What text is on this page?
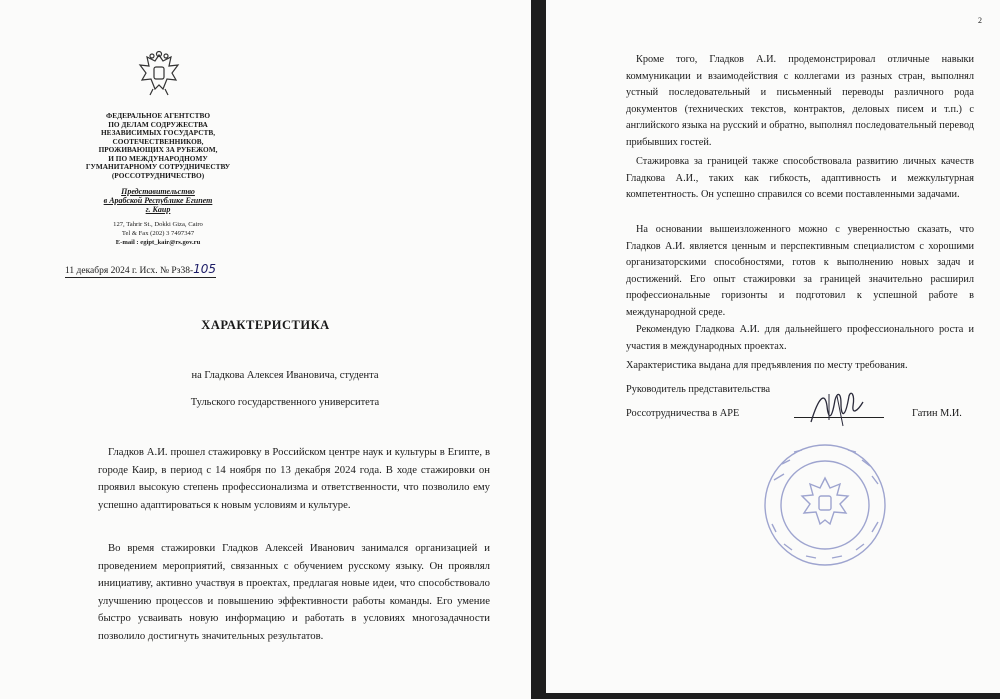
ФЕДЕРАЛЬНОЕ АГЕНТСТВО
ПО ДЕЛАМ СОДРУЖЕСТВА
НЕЗАВИСИМЫХ ГОСУДАРСТВ,
СООТЕЧЕСТВЕННИКОВ,
ПРОЖИВАЮЩИХ ЗА РУБЕЖОМ,
И ПО МЕЖДУНАРОДНОМУ
ГУМАНИТАРНОМУ СОТРУДНИЧЕСТВУ
(РОССОТРУДНИЧЕСТВО)
Представительство
в Арабской Республике Египет
г. Каир
127, Tahrir St., Dokki Giza, Cairo
Tel & Fax (202) 3 7497347
E-mail : egipt_kair@rs.gov.ru
11 декабря 2024 г. Исх. № Рз38-105
ХАРАКТЕРИСТИКА
на Гладкова Алексея Ивановича, студента
Тульского государственного университета
Гладков А.И. прошел стажировку в Российском центре наук и культуры в Египте, в городе Каир, в период с 14 ноября по 13 декабря 2024 года. В ходе стажировки он проявил высокую степень профессионализма и ответственности, что позволило ему успешно адаптироваться к новым условиям и культуре.
Во время стажировки Гладков Алексей Иванович занимался организацией и проведением мероприятий, связанных с обучением русскому языку. Он проявлял инициативу, активно участвуя в проектах, предлагая новые идеи, что способствовало улучшению процессов и повышению эффективности работы команды. Его умение быстро усваивать новую информацию и работать в условиях многозадачности позволило достигнуть значительных результатов.
2
Кроме того, Гладков А.И. продемонстрировал отличные навыки коммуникации и взаимодействия с коллегами из разных стран, выполнял устный последовательный и письменный переводы различного рода документов (технических текстов, контрактов, деловых писем и т.п.) с английского языка на русский и обратно, выполнял последовательный перевод прибывших гостей.
Стажировка за границей также способствовала развитию личных качеств Гладкова А.И., таких как гибкость, адаптивность и межкультурная компетентность. Он успешно справился со всеми поставленными задачами.
На основании вышеизложенного можно с уверенностью сказать, что Гладков А.И. является ценным и перспективным специалистом с хорошими организаторскими способностями, готов к выполнению новых задач и достижений. Его опыт стажировки за границей значительно расширил профессиональные горизонты и подготовил к успешной работе в международной среде.
Рекомендую Гладкова А.И. для дальнейшего профессионального роста и участия в международных проектах.
Характеристика выдана для предъявления по месту требования.
Руководитель представительства
Россотрудничества в АРЕ	Гатин М.И.
